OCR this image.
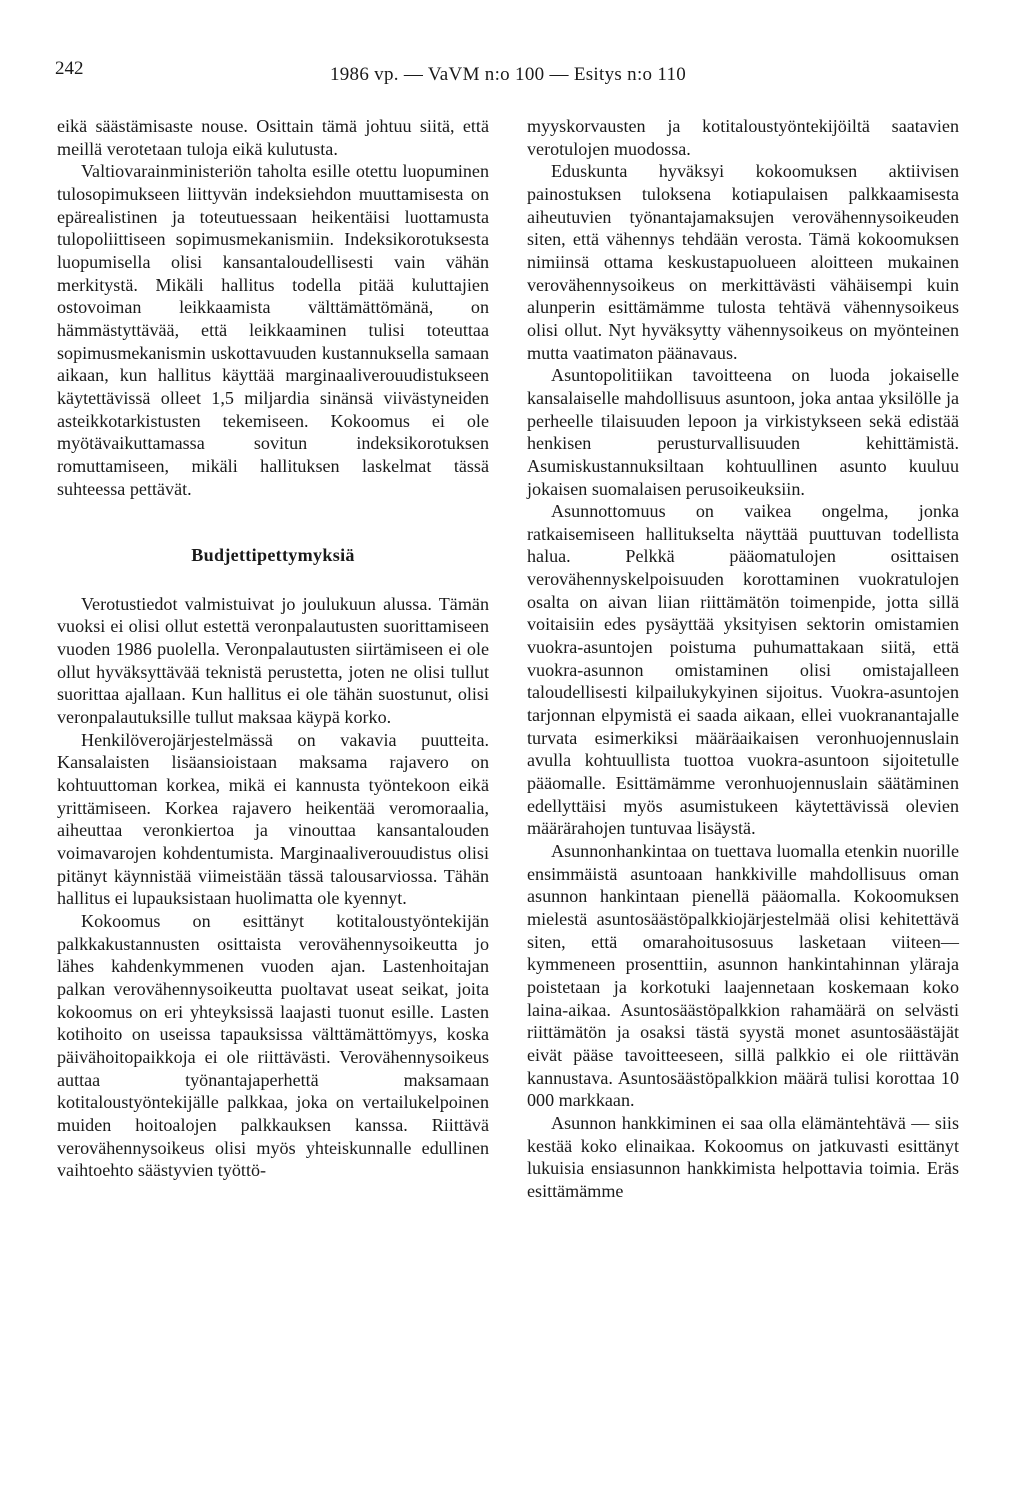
242	1986 vp. — VaVM n:o 100 — Esitys n:o 110

eikä säästämisaste nouse. Osittain tämä johtuu siitä, että meillä verotetaan tuloja eikä kulutusta.

Valtiovarainministeriön taholta esille otettu luopuminen tulosopimukseen liittyvän indeksiehdon muuttamisesta on epärealistinen ja toteutuessaan heikentäisi luottamusta tulopoliittiseen sopimusmekanismiin. Indeksikorotuksesta luopumisella olisi kansantaloudellisesti vain vähän merkitystä. Mikäli hallitus todella pitää kuluttajien ostovoiman leikkaamista välttämättömänä, on hämmästyttävää, että leikkaaminen tulisi toteuttaa sopimusmekanismin uskottavuuden kustannuksella samaan aikaan, kun hallitus käyttää marginaaliverouudistukseen käytettävissä olleet 1,5 miljardia sinänsä viivästyneiden asteikkotarkistusten tekemiseen. Kokoomus ei ole myötävaikuttamassa sovitun indeksikorotuksen romuttamiseen, mikäli hallituksen laskelmat tässä suhteessa pettävät.

Budjettipettymyksiä

Verotustiedot valmistuivat jo joulukuun alussa. Tämän vuoksi ei olisi ollut estettä veronpalautusten suorittamiseen vuoden 1986 puolella. Veronpalautusten siirtämiseen ei ole ollut hyväksyttävää teknistä perustetta, joten ne olisi tullut suorittaa ajallaan. Kun hallitus ei ole tähän suostunut, olisi veronpalautuksille tullut maksaa käypä korko.

Henkilöverojärjestelmässä on vakavia puutteita. Kansalaisten lisäansioistaan maksama rajavero on kohtuuttoman korkea, mikä ei kannusta työntekoon eikä yrittämiseen. Korkea rajavero heikentää veromoraalia, aiheuttaa veronkiertoa ja vinouttaa kansantalouden voimavarojen kohdentumista. Marginaaliverouudistus olisi pitänyt käynnistää viimeistään tässä talousarviossa. Tähän hallitus ei lupauksistaan huolimatta ole kyennyt.

Kokoomus on esittänyt kotitaloustyöntekijän palkkakustannusten osittaista verovähennysoikeutta jo lähes kahdenkymmenen vuoden ajan. Lastenhoitajan palkan verovähennysoikeutta puoltavat useat seikat, joita kokoomus on eri yhteyksissä laajasti tuonut esille. Lasten kotihoito on useissa tapauksissa välttämättömyys, koska päivähoitopaikkoja ei ole riittävästi. Verovähennysoikeus auttaa työnantajaperhettä maksamaan kotitaloustyöntekijälle palkkaa, joka on vertailukelpoinen muiden hoitoalojen palkkauksen kanssa. Riittävä verovähennysoikeus olisi myös yhteiskunnalle edullinen vaihtoehto säästyvien työttö-

myyskorvausten ja kotitaloustyöntekijöiltä saatavien verotulojen muodossa.

Eduskunta hyväksyi kokoomuksen aktiivisen painostuksen tuloksena kotiapulaisen palkkaamisesta aiheutuvien työnantajamaksujen verovähennysoikeuden siten, että vähennys tehdään verosta. Tämä kokoomuksen nimiinsä ottama keskustapuolueen aloitteen mukainen verovähennysoikeus on merkittävästi vähäisempi kuin alunperin esittämämme tulosta tehtävä vähennysoikeus olisi ollut. Nyt hyväksytty vähennysoikeus on myönteinen mutta vaatimaton päänavaus.

Asuntopolitiikan tavoitteena on luoda jokaiselle kansalaiselle mahdollisuus asuntoon, joka antaa yksilölle ja perheelle tilaisuuden lepoon ja virkistykseen sekä edistää henkisen perusturvallisuuden kehittämistä. Asumiskustannuksiltaan kohtuullinen asunto kuuluu jokaisen suomalaisen perusoikeuksiin.

Asunnottomuus on vaikea ongelma, jonka ratkaisemiseen hallitukselta näyttää puuttuvan todellista halua. Pelkkä pääomatulojen osittaisen verovähennyskelpoisuuden korottaminen vuokratulojen osalta on aivan liian riittämätön toimenpide, jotta sillä voitaisiin edes pysäyttää yksityisen sektorin omistamien vuokra-asuntojen poistuma puhumattakaan siitä, että vuokra-asunnon omistaminen olisi omistajalleen taloudellisesti kilpailukykyinen sijoitus. Vuokra-asuntojen tarjonnan elpymistä ei saada aikaan, ellei vuokranantajalle turvata esimerkiksi määräaikaisen veronhuojennuslain avulla kohtuullista tuottoa vuokra-asuntoon sijoitetulle pääomalle. Esittämämme veronhuojennuslain säätäminen edellyttäisi myös asumistukeen käytettävissä olevien määrärahojen tuntuvaa lisäystä.

Asunnonhankintaa on tuettava luomalla etenkin nuorille ensimmäistä asuntoaan hankkiville mahdollisuus oman asunnon hankintaan pienellä pääomalla. Kokoomuksen mielestä asuntosäästöpalkkiojärjestelmää olisi kehitettävä siten, että omarahoitusosuus lasketaan viiteen—kymmeneen prosenttiin, asunnon hankintahinnan yläraja poistetaan ja korkotuki laajennetaan koskemaan koko laina-aikaa. Asuntosäästöpalkkion rahamäärä on selvästi riittämätön ja osaksi tästä syystä monet asuntosäästäjät eivät pääse tavoitteeseen, sillä palkkio ei ole riittävän kannustava. Asuntosäästöpalkkion määrä tulisi korottaa 10 000 markkaan.

Asunnon hankkiminen ei saa olla elämäntehtävä — siis kestää koko elinaikaa. Kokoomus on jatkuvasti esittänyt lukuisia ensiasunnon hankkimista helpottavia toimia. Eräs esittämämme
